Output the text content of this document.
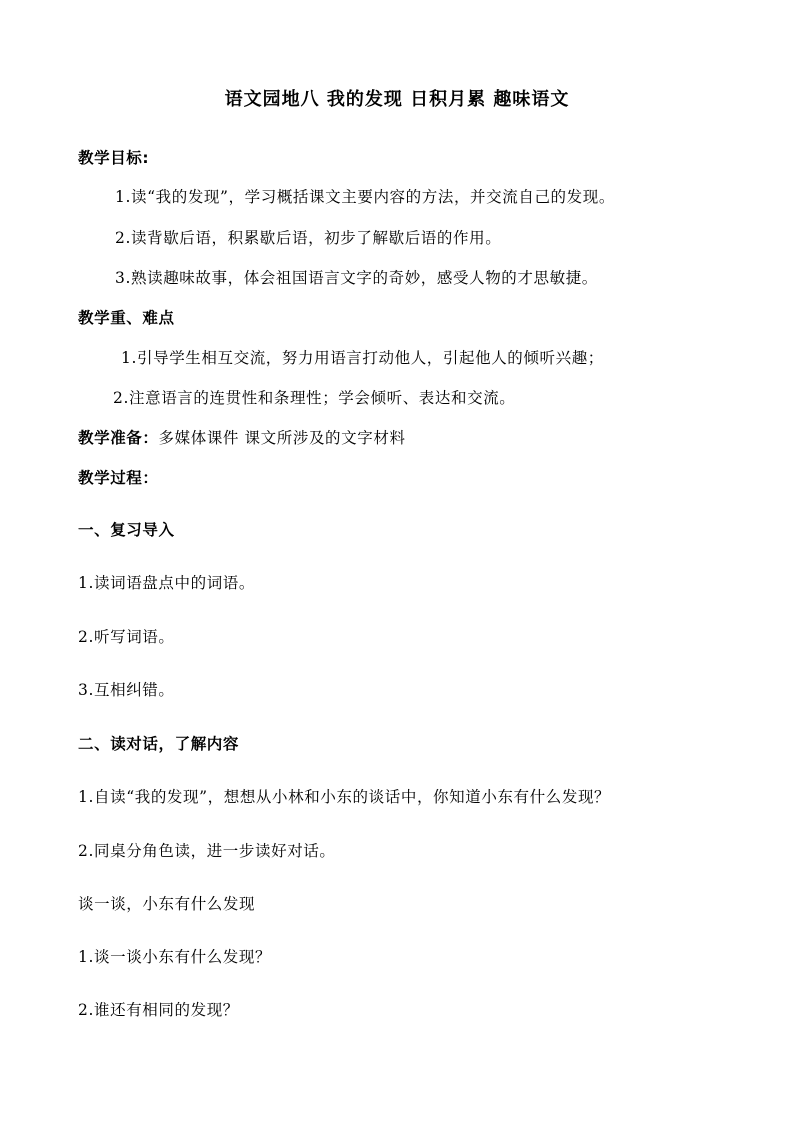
语文园地八 我的发现 日积月累 趣味语文
教学目标:
1.读“我的发现”，学习概括课文主要内容的方法，并交流自己的发现。
2.读背歇后语，积累歇后语，初步了解歇后语的作用。
3.熟读趣味故事，体会祖国语言文字的奇妙，感受人物的才思敏捷。
教学重、难点
1.引导学生相互交流，努力用语言打动他人，引起他人的倾听兴趣；
2.注意语言的连贯性和条理性；学会倾听、表达和交流。
教学准备：多媒体课件 课文所涉及的文字材料
教学过程：
一、复习导入
1.读词语盘点中的词语。
2.听写词语。
3.互相纠错。
二、读对话，了解内容
1.自读“我的发现”，想想从小林和小东的谈话中，你知道小东有什么发现？
2.同桌分角色读，进一步读好对话。
谈一谈，小东有什么发现
1.谈一谈小东有什么发现？
2.谁还有相同的发现？
